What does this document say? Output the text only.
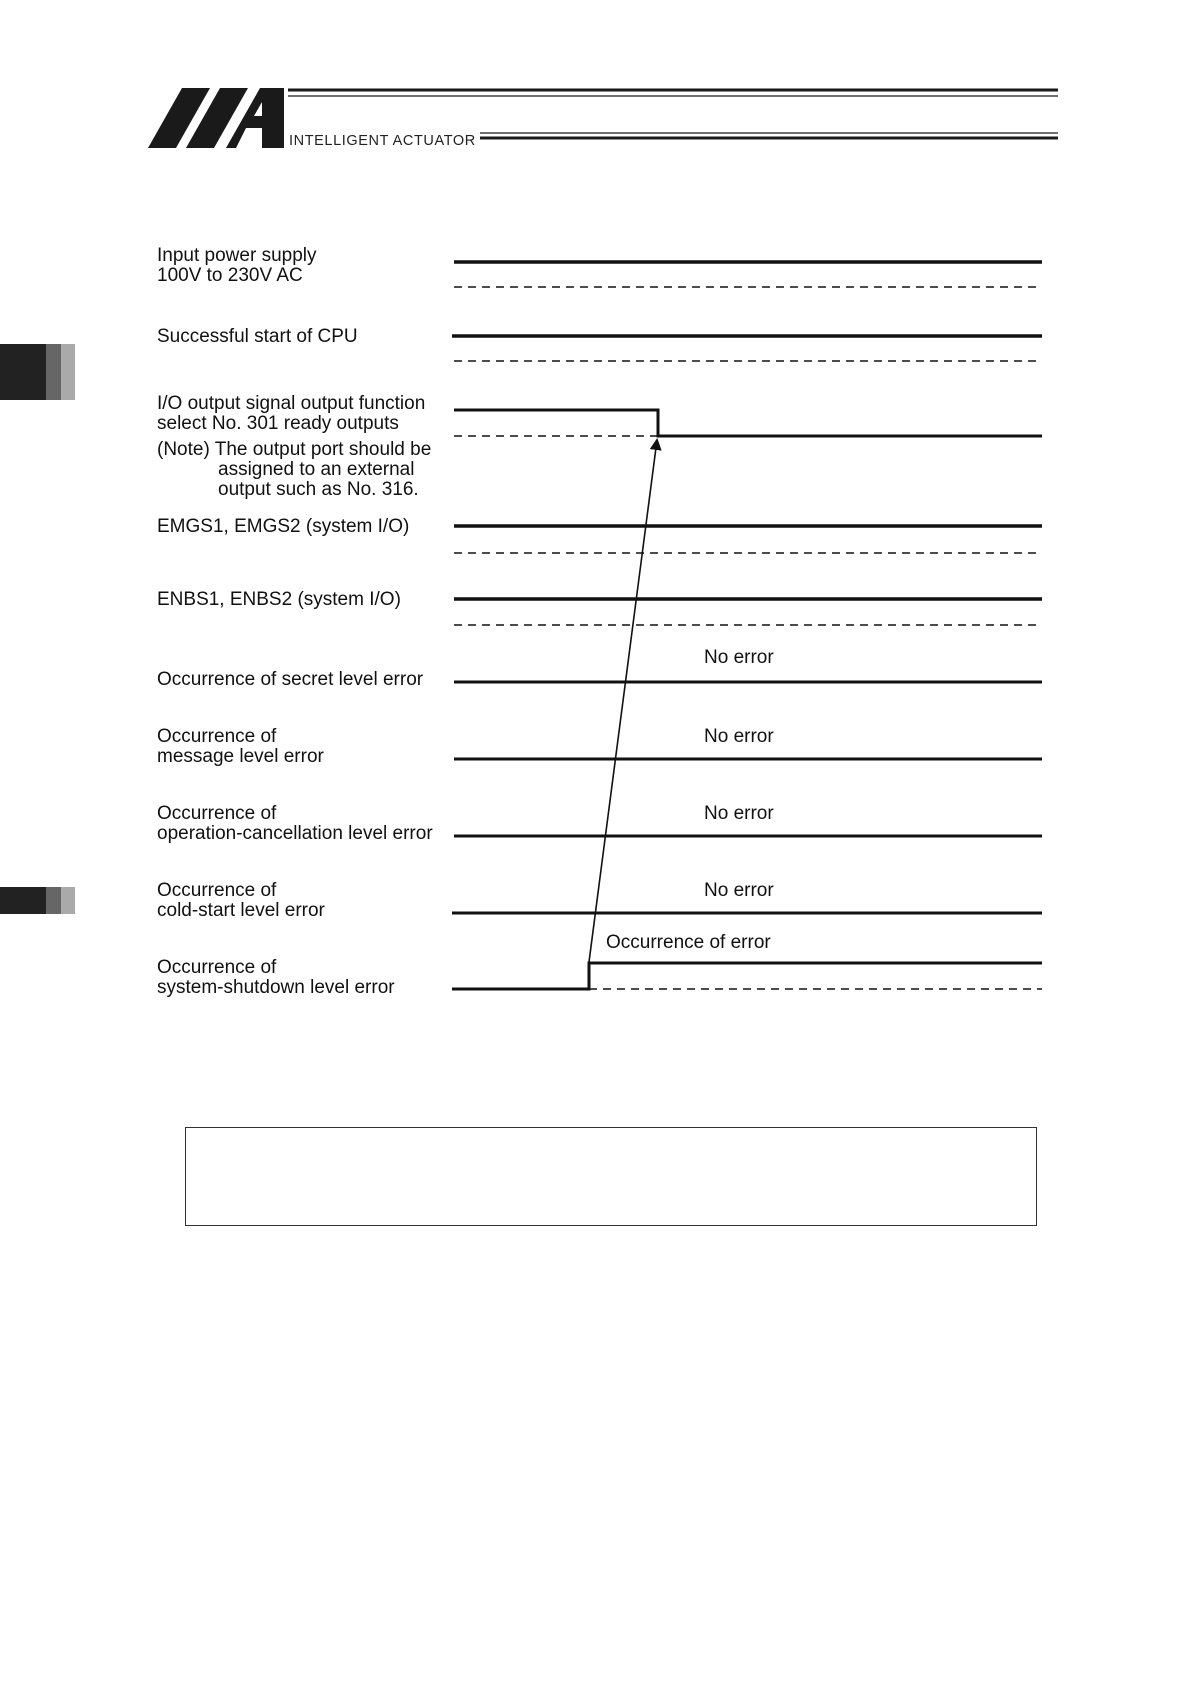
INTELLIGENT ACTUATOR
Input power supply
100V to 230V AC
Successful start of CPU
I/O output signal output function
select No. 301 ready outputs
(Note) The output port should be
assigned to an external
output such as No. 316.
EMGS1, EMGS2 (system I/O)
ENBS1, ENBS2 (system I/O)
Occurrence of secret level error
No error
Occurrence of
message level error
No error
Occurrence of
operation-cancellation level error
No error
Occurrence of
cold-start level error
No error
Occurrence of
system-shutdown level error
Occurrence of error
